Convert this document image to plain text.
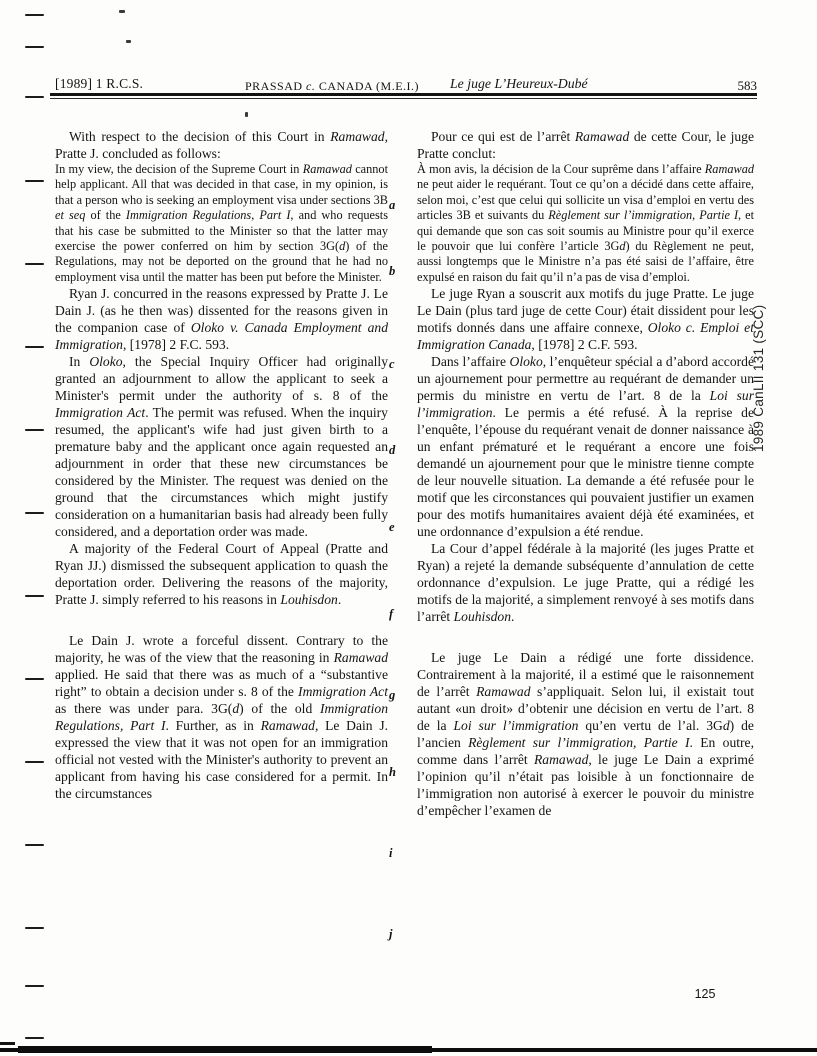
[1989] 1 R.C.S.	PRASSAD c. CANADA (M.E.I.) Le juge L’Heureux-Dubé	583

With respect to the decision of this Court in Ramawad, Pratte J. concluded as follows:

In my view, the decision of the Supreme Court in Ramawad cannot help applicant. All that was decided in that case, in my opinion, is that a person who is seeking an employment visa under sections 3B et seq of the Immigration Regulations, Part I, and who requests that his case be submitted to the Minister so that the latter may exercise the power conferred on him by section 3G(d) of the Regulations, may not be deported on the ground that he had no employment visa until the matter has been put before the Minister.

Ryan J. concurred in the reasons expressed by Pratte J. Le Dain J. (as he then was) dissented for the reasons given in the companion case of Oloko v. Canada Employment and Immigration, [1978] 2 F.C. 593.

In Oloko, the Special Inquiry Officer had originally granted an adjournment to allow the applicant to seek a Minister's permit under the authority of s. 8 of the Immigration Act. The permit was refused. When the inquiry resumed, the applicant's wife had just given birth to a premature baby and the applicant once again requested an adjournment in order that these new circumstances be considered by the Minister. The request was denied on the ground that the circumstances which might justify consideration on a humanitarian basis had already been fully considered, and a deportation order was made.

A majority of the Federal Court of Appeal (Pratte and Ryan JJ.) dismissed the subsequent application to quash the deportation order. Delivering the reasons of the majority, Pratte J. simply referred to his reasons in Louhisdon.

Le Dain J. wrote a forceful dissent. Contrary to the majority, he was of the view that the reasoning in Ramawad applied. He said that there was as much of a “substantive right” to obtain a decision under s. 8 of the Immigration Act as there was under para. 3G(d) of the old Immigration Regulations, Part I. Further, as in Ramawad, Le Dain J. expressed the view that it was not open for an immigration official not vested with the Minister's authority to prevent an applicant from having his case considered for a permit. In the circumstances

Pour ce qui est de l’arrêt Ramawad de cette Cour, le juge Pratte conclut:

À mon avis, la décision de la Cour suprême dans l’affaire Ramawad ne peut aider le requérant. Tout ce qu’on a décidé dans cette affaire, selon moi, c’est que celui qui sollicite un visa d’emploi en vertu des articles 3B et suivants du Règlement sur l’immigration, Partie I, et qui demande que son cas soit soumis au Ministre pour qu’il exerce le pouvoir que lui confère l’article 3Gd) du Règlement ne peut, aussi longtemps que le Ministre n’a pas été saisi de l’affaire, être expulsé en raison du fait qu’il n’a pas de visa d’emploi.

Le juge Ryan a souscrit aux motifs du juge Pratte. Le juge Le Dain (plus tard juge de cette Cour) était dissident pour les motifs donnés dans une affaire connexe, Oloko c. Emploi et Immigration Canada, [1978] 2 C.F. 593.

Dans l’affaire Oloko, l’enquêteur spécial a d’abord accordé un ajournement pour permettre au requérant de demander un permis du ministre en vertu de l’art. 8 de la Loi sur l’immigration. Le permis a été refusé. À la reprise de l’enquête, l’épouse du requérant venait de donner naissance à un enfant prématuré et le requérant a encore une fois demandé un ajournement pour que le ministre tienne compte de leur nouvelle situation. La demande a été refusée pour le motif que les circonstances qui pouvaient justifier un examen pour des motifs humanitaires avaient déjà été examinées, et une ordonnance d’expulsion a été rendue.

La Cour d’appel fédérale à la majorité (les juges Pratte et Ryan) a rejeté la demande subséquente d’annulation de cette ordonnance d’expulsion. Le juge Pratte, qui a rédigé les motifs de la majorité, a simplement renvoyé à ses motifs dans l’arrêt Louhisdon.

Le juge Le Dain a rédigé une forte dissidence. Contrairement à la majorité, il a estimé que le raisonnement de l’arrêt Ramawad s’appliquait. Selon lui, il existait tout autant «un droit» d’obtenir une décision en vertu de l’art. 8 de la Loi sur l’immigration qu’en vertu de l’al. 3Gd) de l’ancien Règlement sur l’immigration, Partie I. En outre, comme dans l’arrêt Ramawad, le juge Le Dain a exprimé l’opinion qu’il n’était pas loisible à un fonctionnaire de l’immigration non autorisé à exercer le pouvoir du ministre d’empêcher l’examen de

a
b
c
d
e
f
g
h
i
j
1989 CanLII 131 (SCC)
125
